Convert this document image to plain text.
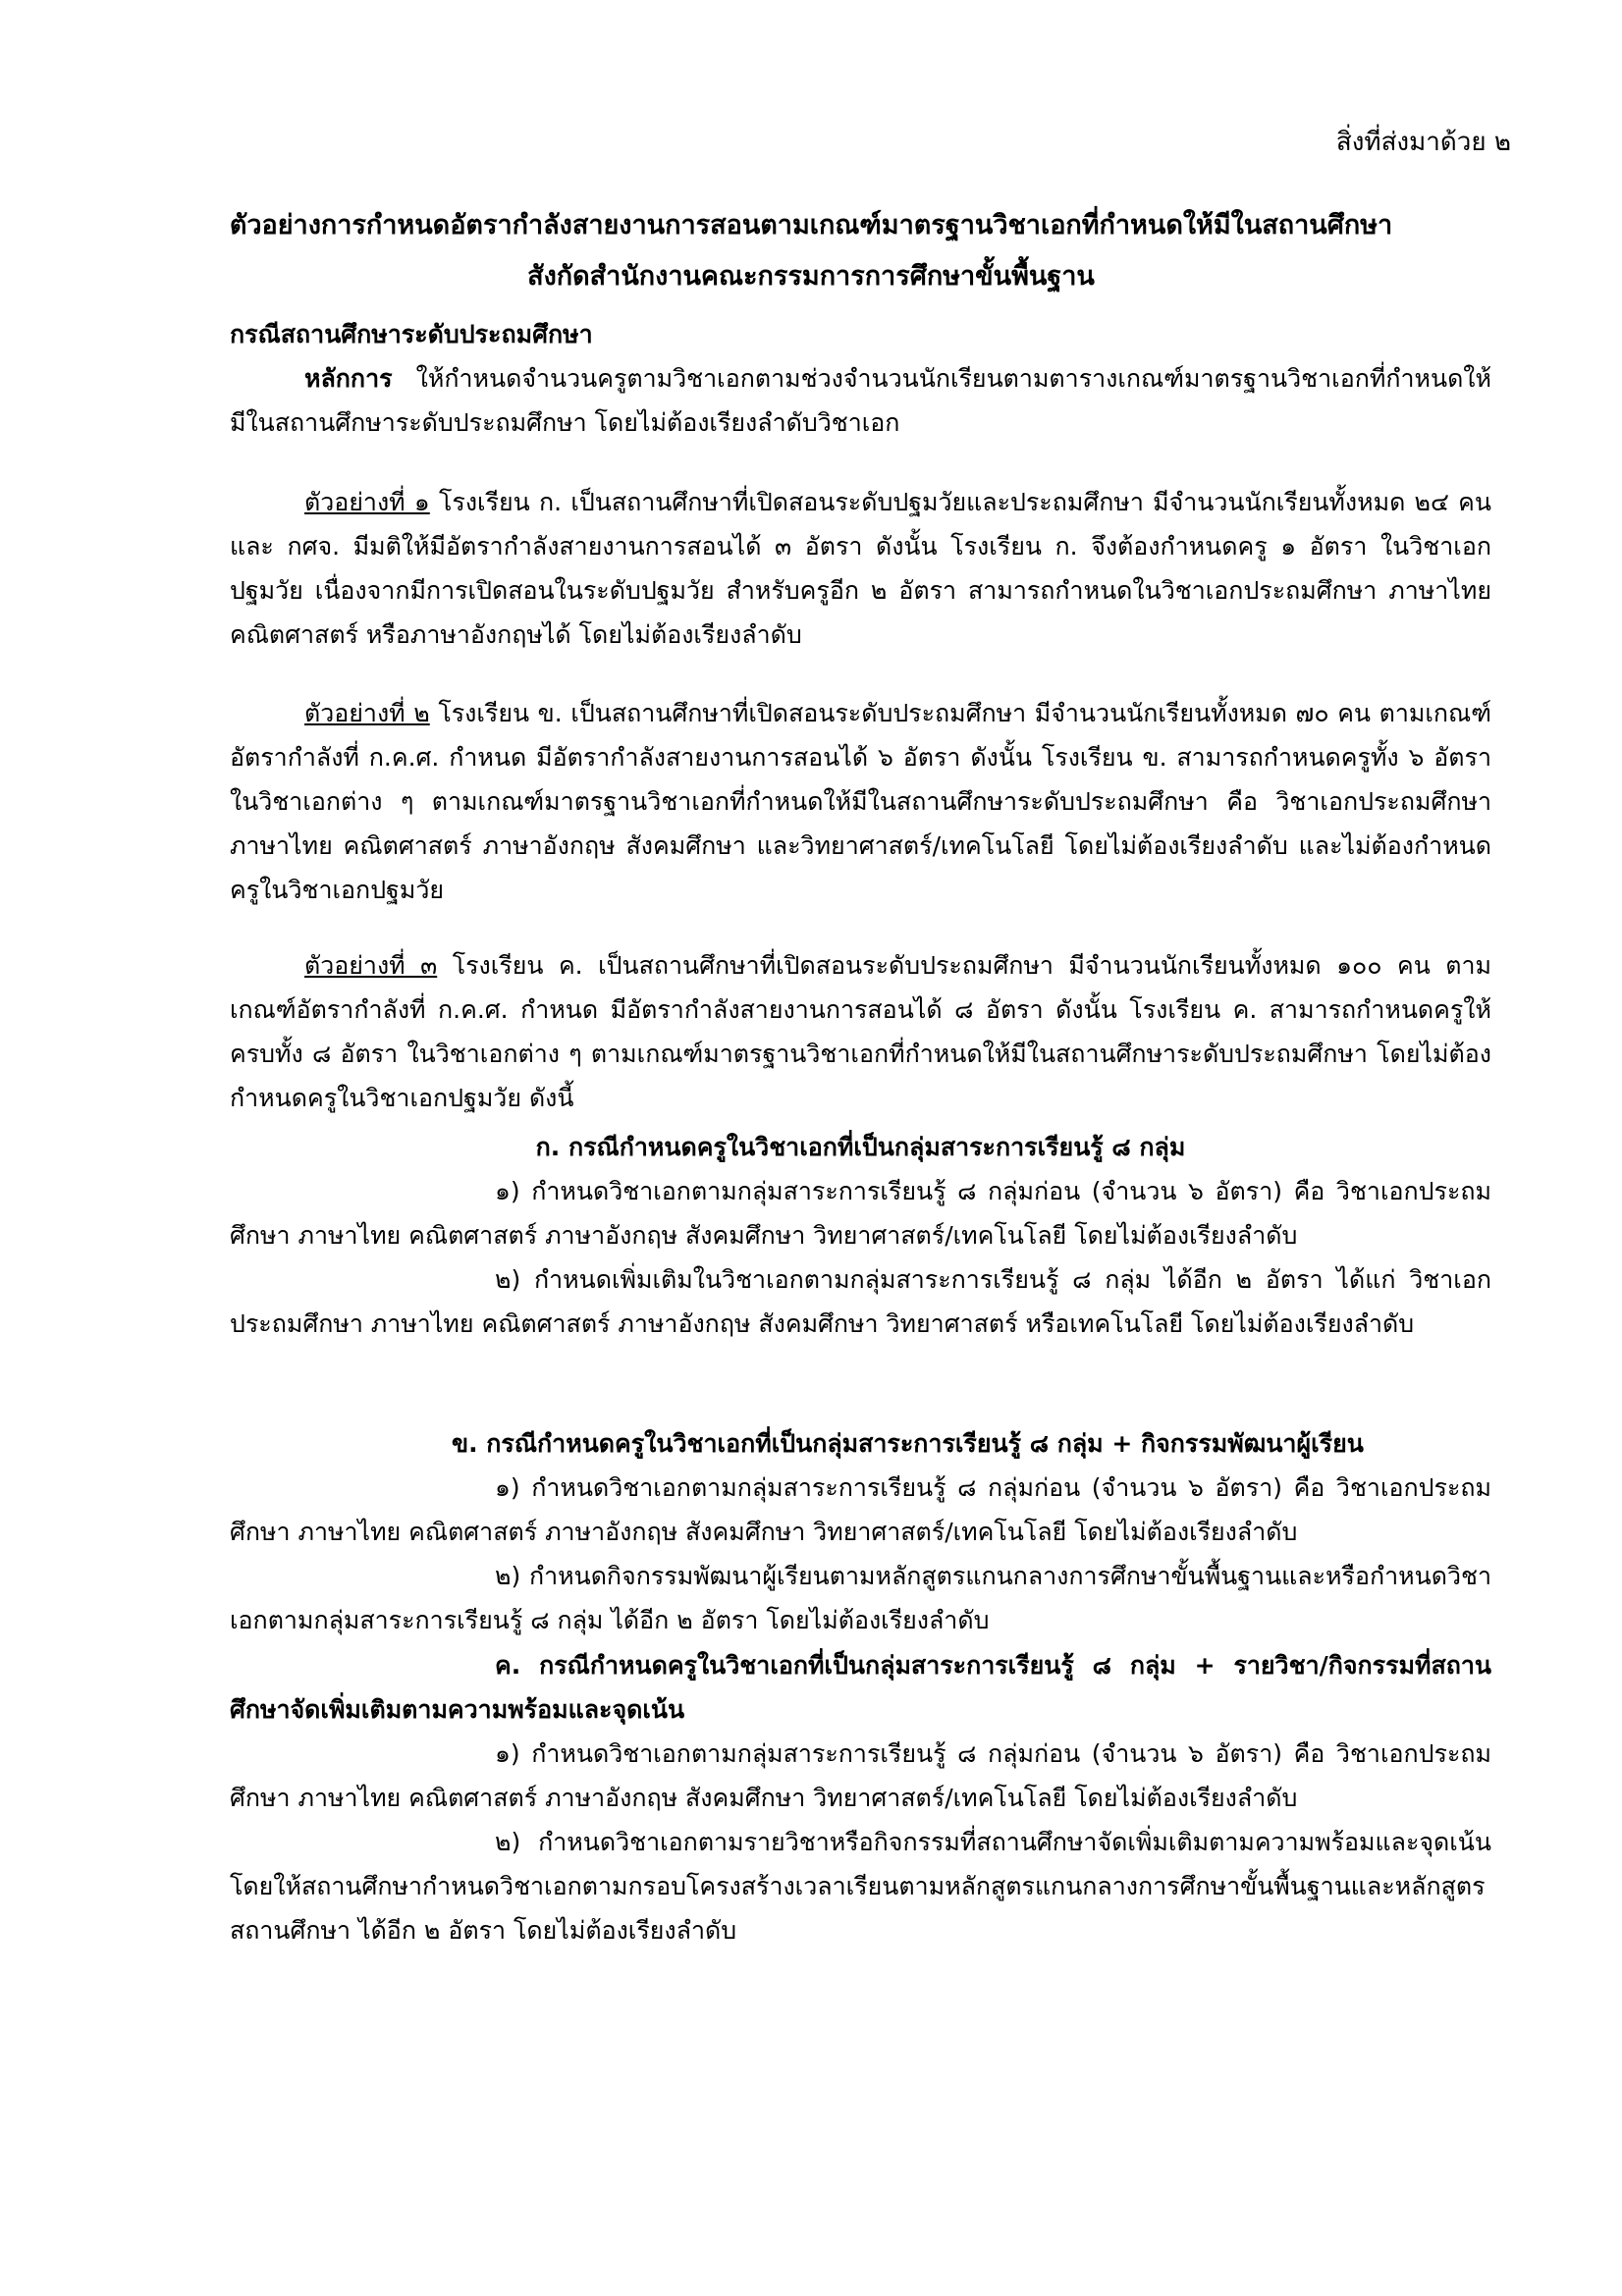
สิ่งที่ส่งมาด้วย ๒
ตัวอย่างการกำหนดอัตรากำลังสายงานการสอนตามเกณฑ์มาตรฐานวิชาเอกที่กำหนดให้มีในสถานศึกษา
สังกัดสำนักงานคณะกรรมการการศึกษาขั้นพื้นฐาน

กรณีสถานศึกษาระดับประถมศึกษา

หลักการ ให้กำหนดจำนวนครูตามวิชาเอกตามช่วงจำนวนนักเรียนตามตารางเกณฑ์มาตรฐานวิชาเอกที่กำหนดให้มีในสถานศึกษาระดับประถมศึกษา โดยไม่ต้องเรียงลำดับวิชาเอก

ตัวอย่างที่ ๑ โรงเรียน ก. เป็นสถานศึกษาที่เปิดสอนระดับปฐมวัยและประถมศึกษา มีจำนวนนักเรียนทั้งหมด ๒๔ คน และ กศจ. มีมติให้มีอัตรากำลังสายงานการสอนได้ ๓ อัตรา ดังนั้น โรงเรียน ก. จึงต้องกำหนดครู ๑ อัตรา ในวิชาเอกปฐมวัย เนื่องจากมีการเปิดสอนในระดับปฐมวัย สำหรับครูอีก ๒ อัตรา สามารถกำหนดในวิชาเอกประถมศึกษา ภาษาไทย คณิตศาสตร์ หรือภาษาอังกฤษได้ โดยไม่ต้องเรียงลำดับ

ตัวอย่างที่ ๒ โรงเรียน ข. เป็นสถานศึกษาที่เปิดสอนระดับประถมศึกษา มีจำนวนนักเรียนทั้งหมด ๗๐ คน ตามเกณฑ์อัตรากำลังที่ ก.ค.ศ. กำหนด มีอัตรากำลังสายงานการสอนได้ ๖ อัตรา ดังนั้น โรงเรียน ข. สามารถกำหนดครูทั้ง ๖ อัตรา ในวิชาเอกต่าง ๆ ตามเกณฑ์มาตรฐานวิชาเอกที่กำหนดให้มีในสถานศึกษาระดับประถมศึกษา คือ วิชาเอกประถมศึกษา ภาษาไทย คณิตศาสตร์ ภาษาอังกฤษ สังคมศึกษา และวิทยาศาสตร์/เทคโนโลยี โดยไม่ต้องเรียงลำดับ และไม่ต้องกำหนดครูในวิชาเอกปฐมวัย

ตัวอย่างที่ ๓ โรงเรียน ค. เป็นสถานศึกษาที่เปิดสอนระดับประถมศึกษา มีจำนวนนักเรียนทั้งหมด ๑๐๐ คน ตามเกณฑ์อัตรากำลังที่ ก.ค.ศ. กำหนด มีอัตรากำลังสายงานการสอนได้ ๘ อัตรา ดังนั้น โรงเรียน ค. สามารถกำหนดครูให้ครบทั้ง ๘ อัตรา ในวิชาเอกต่าง ๆ ตามเกณฑ์มาตรฐานวิชาเอกที่กำหนดให้มีในสถานศึกษาระดับประถมศึกษา โดยไม่ต้องกำหนดครูในวิชาเอกปฐมวัย ดังนี้

ก. กรณีกำหนดครูในวิชาเอกที่เป็นกลุ่มสาระการเรียนรู้ ๘ กลุ่ม

๑) กำหนดวิชาเอกตามกลุ่มสาระการเรียนรู้ ๘ กลุ่มก่อน (จำนวน ๖ อัตรา) คือ วิชาเอกประถมศึกษา ภาษาไทย คณิตศาสตร์ ภาษาอังกฤษ สังคมศึกษา วิทยาศาสตร์/เทคโนโลยี โดยไม่ต้องเรียงลำดับ

๒) กำหนดเพิ่มเติมในวิชาเอกตามกลุ่มสาระการเรียนรู้ ๘ กลุ่ม ได้อีก ๒ อัตรา ได้แก่ วิชาเอกประถมศึกษา ภาษาไทย คณิตศาสตร์ ภาษาอังกฤษ สังคมศึกษา วิทยาศาสตร์ หรือเทคโนโลยี โดยไม่ต้องเรียงลำดับ

ข. กรณีกำหนดครูในวิชาเอกที่เป็นกลุ่มสาระการเรียนรู้ ๘ กลุ่ม + กิจกรรมพัฒนาผู้เรียน

๑) กำหนดวิชาเอกตามกลุ่มสาระการเรียนรู้ ๘ กลุ่มก่อน (จำนวน ๖ อัตรา) คือ วิชาเอกประถมศึกษา ภาษาไทย คณิตศาสตร์ ภาษาอังกฤษ สังคมศึกษา วิทยาศาสตร์/เทคโนโลยี โดยไม่ต้องเรียงลำดับ

๒) กำหนดกิจกรรมพัฒนาผู้เรียนตามหลักสูตรแกนกลางการศึกษาขั้นพื้นฐานและหรือกำหนดวิชาเอกตามกลุ่มสาระการเรียนรู้ ๘ กลุ่ม ได้อีก ๒ อัตรา โดยไม่ต้องเรียงลำดับ

ค. กรณีกำหนดครูในวิชาเอกที่เป็นกลุ่มสาระการเรียนรู้ ๘ กลุ่ม + รายวิชา/กิจกรรมที่สถานศึกษาจัดเพิ่มเติมตามความพร้อมและจุดเน้น

๑) กำหนดวิชาเอกตามกลุ่มสาระการเรียนรู้ ๘ กลุ่มก่อน (จำนวน ๖ อัตรา) คือ วิชาเอกประถมศึกษา ภาษาไทย คณิตศาสตร์ ภาษาอังกฤษ สังคมศึกษา วิทยาศาสตร์/เทคโนโลยี โดยไม่ต้องเรียงลำดับ

๒) กำหนดวิชาเอกตามรายวิชาหรือกิจกรรมที่สถานศึกษาจัดเพิ่มเติมตามความพร้อมและจุดเน้น โดยให้สถานศึกษากำหนดวิชาเอกตามกรอบโครงสร้างเวลาเรียนตามหลักสูตรแกนกลางการศึกษาขั้นพื้นฐานและหลักสูตรสถานศึกษา ได้อีก ๒ อัตรา โดยไม่ต้องเรียงลำดับ
